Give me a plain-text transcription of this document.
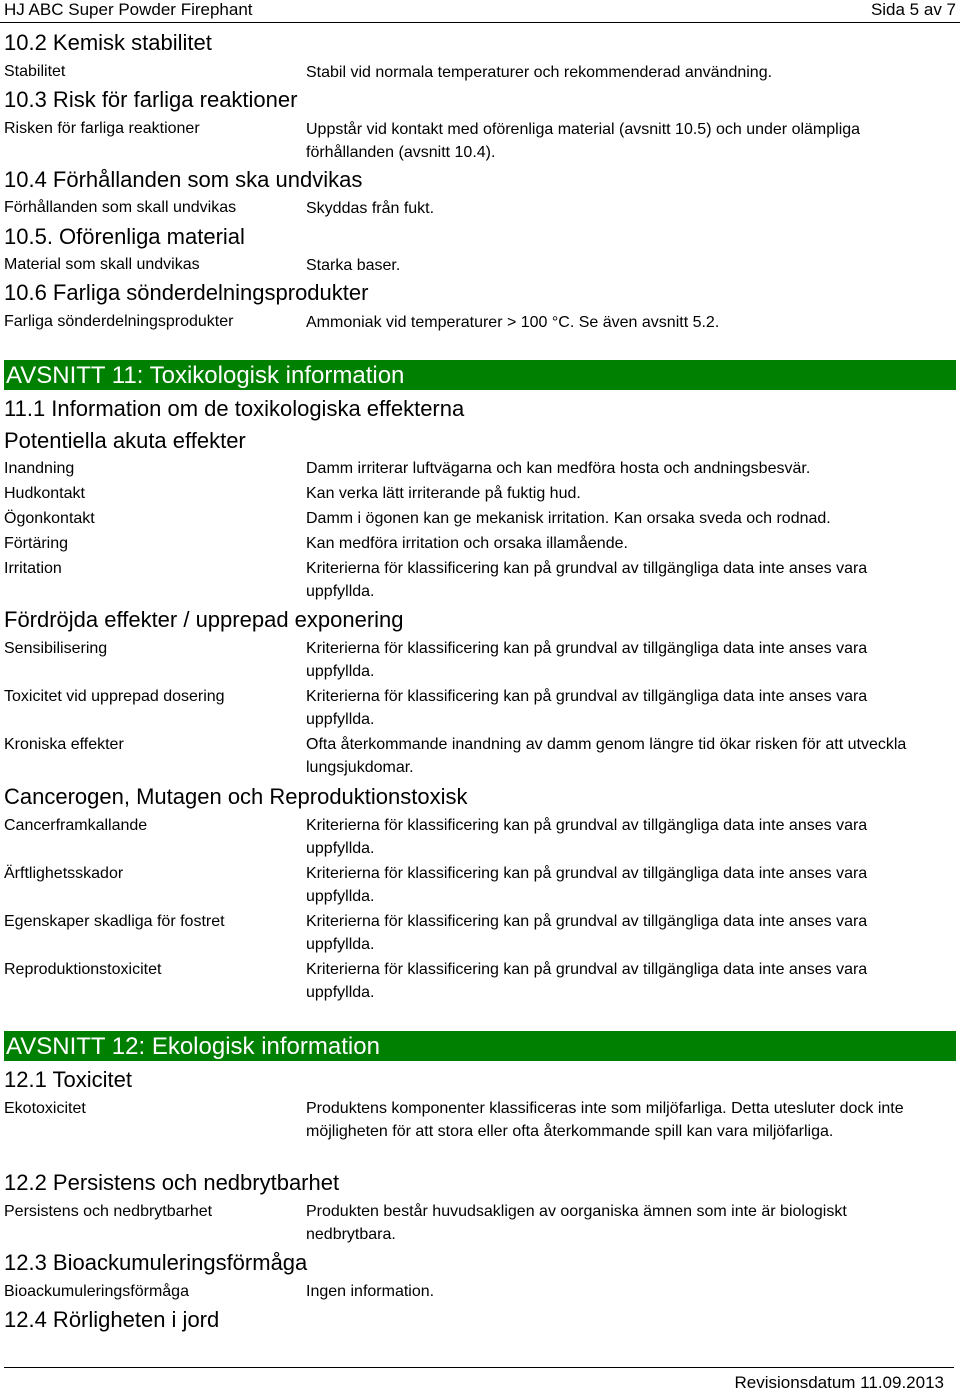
HJ ABC Super Powder Firephant	Sida 5 av 7
10.2 Kemisk stabilitet
Stabilitet	Stabil vid normala temperaturer och rekommenderad användning.
10.3 Risk för farliga reaktioner
Risken för farliga reaktioner	Uppstår vid kontakt med oförenliga material (avsnitt 10.5) och under olämpliga förhållanden (avsnitt 10.4).
10.4 Förhållanden som ska undvikas
Förhållanden som skall undvikas	Skyddas från fukt.
10.5. Oförenliga material
Material som skall undvikas	Starka baser.
10.6 Farliga sönderdelningsprodukter
Farliga sönderdelningsprodukter	Ammoniak vid temperaturer > 100 °C. Se även avsnitt 5.2.
AVSNITT 11: Toxikologisk information
11.1 Information om de toxikologiska effekterna
Potentiella akuta effekter
Inandning	Damm irriterar luftvägarna och kan medföra hosta och andningsbesvär.
Hudkontakt	Kan verka lätt irriterande på fuktig hud.
Ögonkontakt	Damm i ögonen kan ge mekanisk irritation. Kan orsaka sveda och rodnad.
Förtäring	Kan medföra irritation och orsaka illamående.
Irritation	Kriterierna för klassificering kan på grundval av tillgängliga data inte anses vara uppfyllda.
Fördröjda effekter / upprepad exponering
Sensibilisering	Kriterierna för klassificering kan på grundval av tillgängliga data inte anses vara uppfyllda.
Toxicitet vid upprepad dosering	Kriterierna för klassificering kan på grundval av tillgängliga data inte anses vara uppfyllda.
Kroniska effekter	Ofta återkommande inandning av damm genom längre tid ökar risken för att utveckla lungsjukdomar.
Cancerogen, Mutagen och Reproduktionstoxisk
Cancerframkallande	Kriterierna för klassificering kan på grundval av tillgängliga data inte anses vara uppfyllda.
Ärftlighetsskador	Kriterierna för klassificering kan på grundval av tillgängliga data inte anses vara uppfyllda.
Egenskaper skadliga för fostret	Kriterierna för klassificering kan på grundval av tillgängliga data inte anses vara uppfyllda.
Reproduktionstoxicitet	Kriterierna för klassificering kan på grundval av tillgängliga data inte anses vara uppfyllda.
AVSNITT 12: Ekologisk information
12.1 Toxicitet
Ekotoxicitet	Produktens komponenter klassificeras inte som miljöfarliga. Detta utesluter dock inte möjligheten för att stora eller ofta återkommande spill kan vara miljöfarliga.
12.2 Persistens och nedbrytbarhet
Persistens och nedbrytbarhet	Produkten består huvudsakligen av oorganiska ämnen som inte är biologiskt nedbrytbara.
12.3 Bioackumuleringsförmåga
Bioackumuleringsförmåga	Ingen information.
12.4 Rörligheten i jord
Revisionsdatum 11.09.2013
